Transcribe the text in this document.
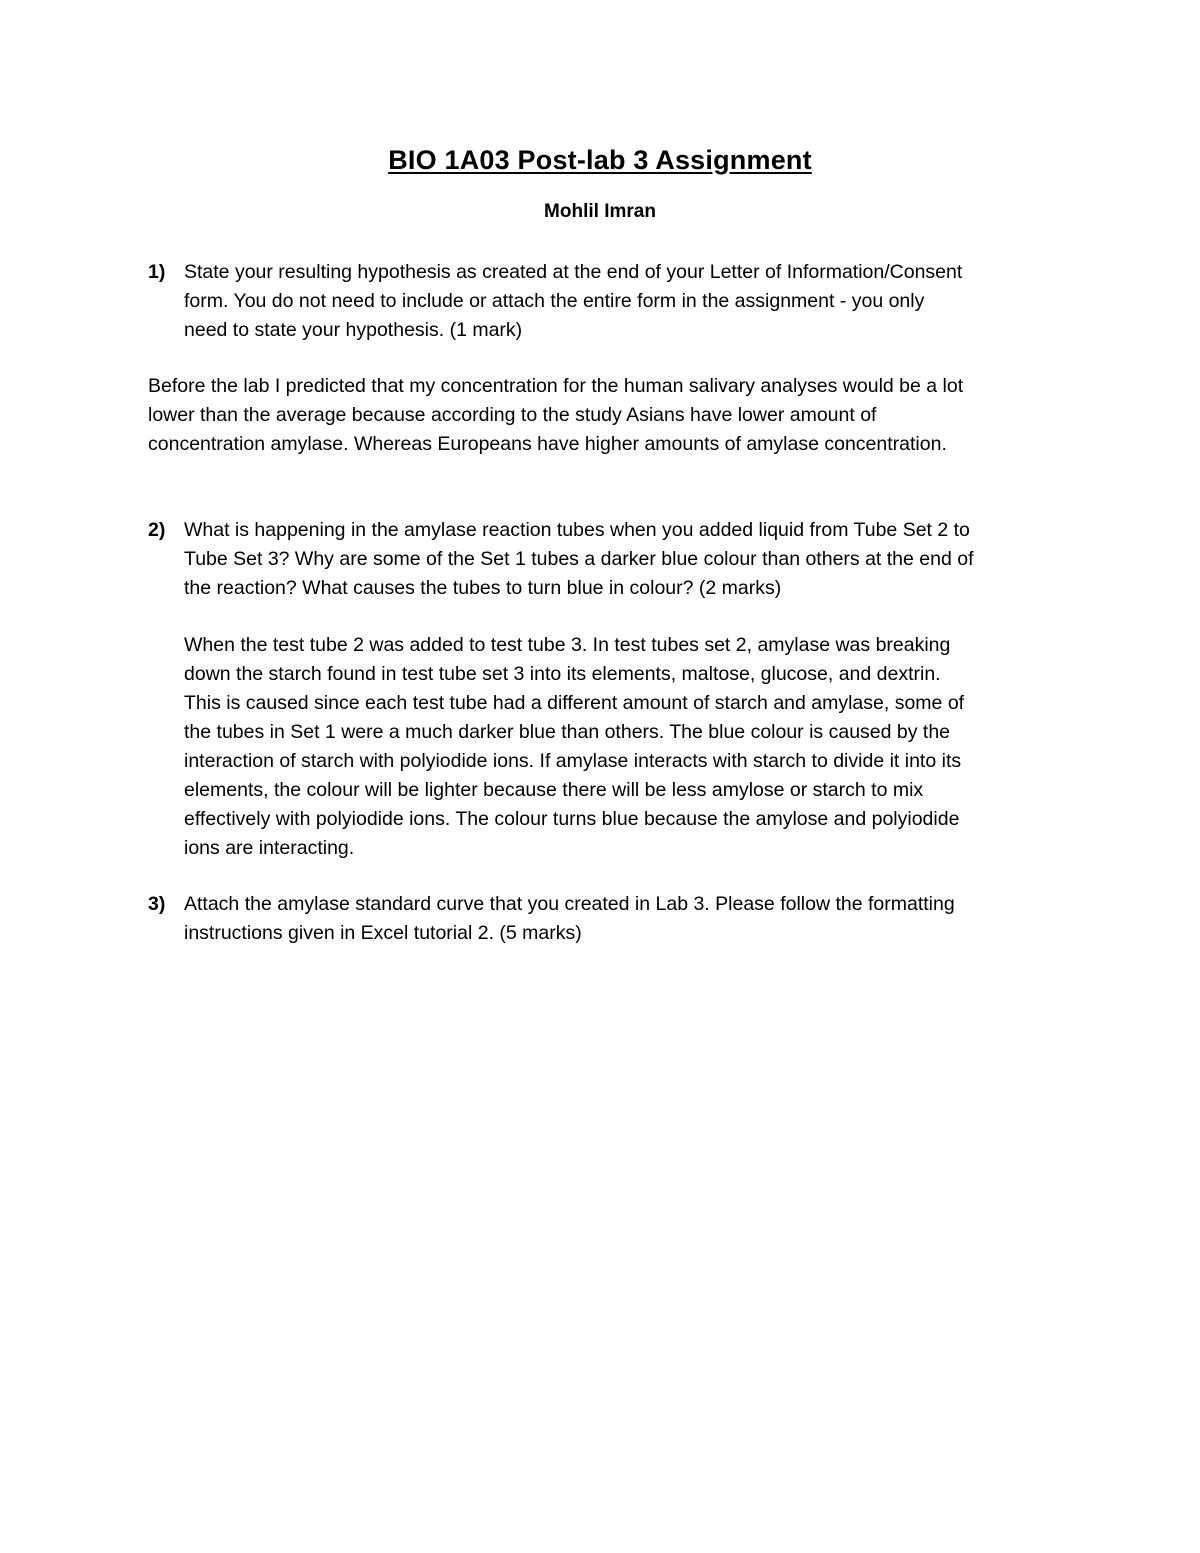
BIO 1A03 Post-lab 3 Assignment
Mohlil Imran
1) State your resulting hypothesis as created at the end of your Letter of Information/Consent
form. You do not need to include or attach the entire form in the assignment - you only
need to state your hypothesis. (1 mark)
Before the lab I predicted that my concentration for the human salivary analyses would be a lot
lower than the average because according to the study Asians have lower amount of
concentration amylase. Whereas Europeans have higher amounts of amylase concentration.
2) What is happening in the amylase reaction tubes when you added liquid from Tube Set 2 to
Tube Set 3? Why are some of the Set 1 tubes a darker blue colour than others at the end of
the reaction? What causes the tubes to turn blue in colour? (2 marks)
When the test tube 2 was added to test tube 3. In test tubes set 2, amylase was breaking
down the starch found in test tube set 3 into its elements, maltose, glucose, and dextrin.
This is caused since each test tube had a different amount of starch and amylase, some of
the tubes in Set 1 were a much darker blue than others. The blue colour is caused by the
interaction of starch with polyiodide ions. If amylase interacts with starch to divide it into its
elements, the colour will be lighter because there will be less amylose or starch to mix
effectively with polyiodide ions. The colour turns blue because the amylose and polyiodide
ions are interacting.
3) Attach the amylase standard curve that you created in Lab 3. Please follow the formatting
instructions given in Excel tutorial 2. (5 marks)
